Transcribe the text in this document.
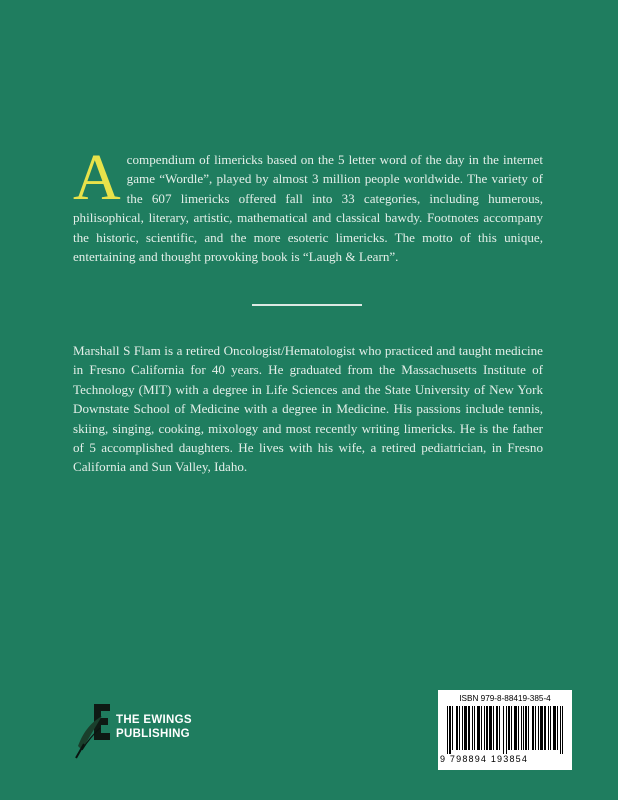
A compendium of limericks based on the 5 letter word of the day in the internet game “Wordle”, played by almost 3 million people worldwide. The variety of the 607 limericks offered fall into 33 categories, including humerous, philisophical, literary, artistic, mathematical and classical bawdy. Footnotes accompany the historic, scientific, and the more esoteric limericks. The motto of this unique, entertaining and thought provoking book is “Laugh & Learn”.
Marshall S Flam is a retired Oncologist/Hematologist who practiced and taught medicine in Fresno California for 40 years. He graduated from the Massachusetts Institute of Technology (MIT) with a degree in Life Sciences and the State University of New York Downstate School of Medicine with a degree in Medicine. His passions include tennis, skiing, singing, cooking, mixology and most recently writing limericks. He is the father of 5 accomplished daughters. He lives with his wife, a retired pediatrician, in Fresno California and Sun Valley, Idaho.
THE EWINGS
PUBLISHING
ISBN 979-8-88419-385-4
9 798894 193854
